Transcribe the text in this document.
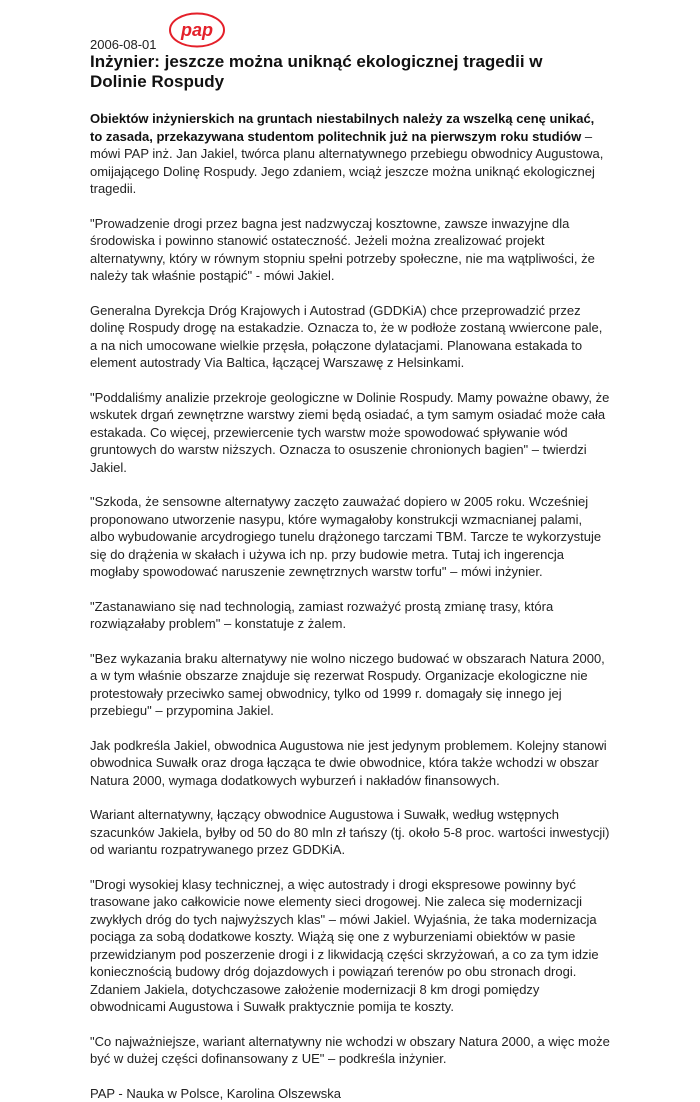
2006-08-01
pap
Inżynier: jeszcze można uniknąć ekologicznej tragedii w Dolinie Rospudy

Obiektów inżynierskich na gruntach niestabilnych należy za wszelką cenę unikać, to zasada, przekazywana studentom politechnik już na pierwszym roku studiów – mówi PAP inż. Jan Jakiel, twórca planu alternatywnego przebiegu obwodnicy Augustowa, omijającego Dolinę Rospudy. Jego zdaniem, wciąż jeszcze można uniknąć ekologicznej tragedii.

"Prowadzenie drogi przez bagna jest nadzwyczaj kosztowne, zawsze inwazyjne dla środowiska i powinno stanowić ostateczność. Jeżeli można zrealizować projekt alternatywny, który w równym stopniu spełni potrzeby społeczne, nie ma wątpliwości, że należy tak właśnie postąpić" - mówi Jakiel.

Generalna Dyrekcja Dróg Krajowych i Autostrad (GDDKiA) chce przeprowadzić przez dolinę Rospudy drogę na estakadzie. Oznacza to, że w podłoże zostaną wwiercone pale, a na nich umocowane wielkie przęsła, połączone dylatacjami. Planowana estakada to element autostrady Via Baltica, łączącej Warszawę z Helsinkami.

"Poddaliśmy analizie przekroje geologiczne w Dolinie Rospudy. Mamy poważne obawy, że wskutek drgań zewnętrzne warstwy ziemi będą osiadać, a tym samym osiadać może cała estakada. Co więcej, przewiercenie tych warstw może spowodować spływanie wód gruntowych do warstw niższych. Oznacza to osuszenie chronionych bagien" – twierdzi Jakiel.

"Szkoda, że sensowne alternatywy zaczęto zauważać dopiero w 2005 roku. Wcześniej proponowano utworzenie nasypu, które wymagałoby konstrukcji wzmacnianej palami, albo wybudowanie arcydrogiego tunelu drążonego tarczami TBM. Tarcze te wykorzystuje się do drążenia w skałach i używa ich np. przy budowie metra. Tutaj ich ingerencja mogłaby spowodować naruszenie zewnętrznych warstw torfu" – mówi inżynier.

"Zastanawiano się nad technologią, zamiast rozważyć prostą zmianę trasy, która rozwiązałaby problem" – konstatuje z żalem.

"Bez wykazania braku alternatywy nie wolno niczego budować w obszarach Natura 2000, a w tym właśnie obszarze znajduje się rezerwat Rospudy. Organizacje ekologiczne nie protestowały przeciwko samej obwodnicy, tylko od 1999 r. domagały się innego jej przebiegu" – przypomina Jakiel.

Jak podkreśla Jakiel, obwodnica Augustowa nie jest jedynym problemem. Kolejny stanowi obwodnica Suwałk oraz droga łącząca te dwie obwodnice, która także wchodzi w obszar Natura 2000, wymaga dodatkowych wyburzeń i nakładów finansowych.

Wariant alternatywny, łączący obwodnice Augustowa i Suwałk, według wstępnych szacunków Jakiela, byłby od 50 do 80 mln zł tańszy (tj. około 5-8 proc. wartości inwestycji) od wariantu rozpatrywanego przez GDDKiA.

"Drogi wysokiej klasy technicznej, a więc autostrady i drogi ekspresowe powinny być trasowane jako całkowicie nowe elementy sieci drogowej. Nie zaleca się modernizacji zwykłych dróg do tych najwyższych klas" – mówi Jakiel. Wyjaśnia, że taka modernizacja pociąga za sobą dodatkowe koszty. Wiążą się one z wyburzeniami obiektów w pasie przewidzianym pod poszerzenie drogi i z likwidacją części skrzyżowań, a co za tym idzie koniecznością budowy dróg dojazdowych i powiązań terenów po obu stronach drogi. Zdaniem Jakiela, dotychczasowe założenie modernizacji 8 km drogi pomiędzy obwodnicami Augustowa i Suwałk praktycznie pomija te koszty.

"Co najważniejsze, wariant alternatywny nie wchodzi w obszary Natura 2000, a więc może być w dużej części dofinansowany z UE" – podkreśla inżynier.

PAP - Nauka w Polsce, Karolina Olszewska
